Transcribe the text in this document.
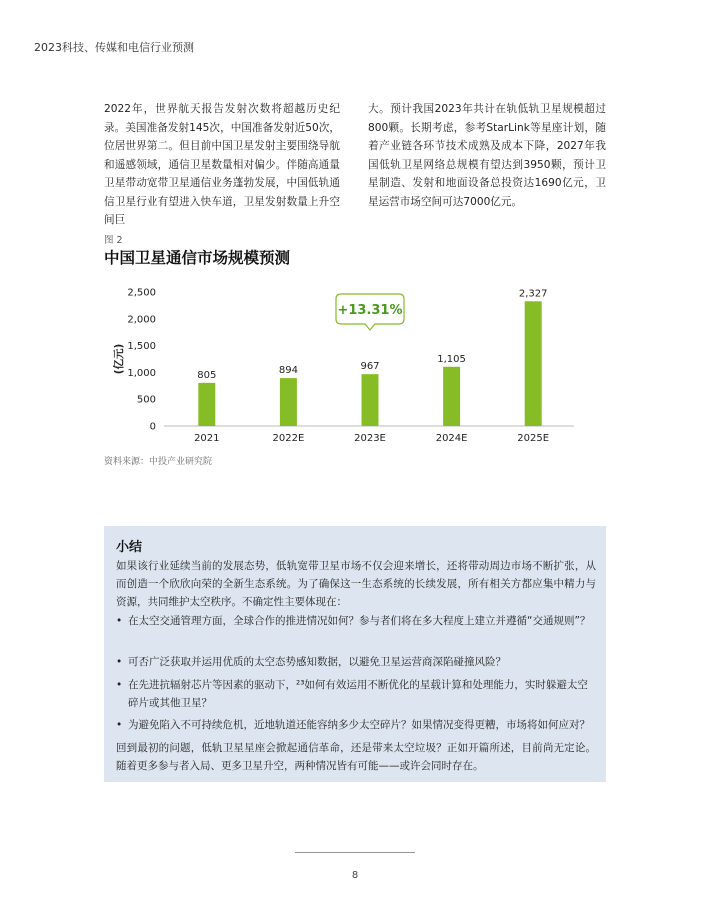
2023科技、传媒和电信行业预测
2022年，世界航天报告发射次数将超越历史纪录。美国准备发射145次，中国准备发射近50次，位居世界第二。但目前中国卫星发射主要围绕导航和遥感领域，通信卫星数量相对偏少。伴随高通量卫星带动宽带卫星通信业务蓬勃发展，中国低轨通信卫星行业有望进入快车道，卫星发射数量上升空间巨
大。预计我国2023年共计在轨低轨卫星规模超过800颗。长期考虑，参考StarLink等星座计划，随着产业链各环节技术成熟及成本下降，2027年我国低轨卫星网络总规模有望达到3950颗，预计卫星制造、发射和地面设备总投资达1690亿元，卫星运营市场空间可达7000亿元。
图 2
中国卫星通信市场规模预测
(亿元)
0
500
1,000
1,500
2,000
2,500
805
2021
894
2022E
967
2023E
1,105
2024E
2,327
2025E
+13.31%
资料来源：中投产业研究院
小结
如果该行业延续当前的发展态势，低轨宽带卫星市场不仅会迎来增长，还将带动周边市场不断扩张，从而创造一个欣欣向荣的全新生态系统。为了确保这一生态系统的长续发展，所有相关方都应集中精力与资源，共同维护太空秩序。不确定性主要体现在：
• 在太空交通管理方面，全球合作的推进情况如何？参与者们将在多大程度上建立并遵循“交通规则”？
• 可否广泛获取并运用优质的太空态势感知数据，以避免卫星运营商深陷碰撞风险？
• 在先进抗辐射芯片等因素的驱动下，²³如何有效运用不断优化的星载计算和处理能力，实时躲避太空碎片或其他卫星？
• 为避免陷入不可持续危机，近地轨道还能容纳多少太空碎片？如果情况变得更糟，市场将如何应对？
回到最初的问题，低轨卫星星座会掀起通信革命，还是带来太空垃圾？正如开篇所述，目前尚无定论。随着更多参与者入局、更多卫星升空，两种情况皆有可能——或许会同时存在。
8
